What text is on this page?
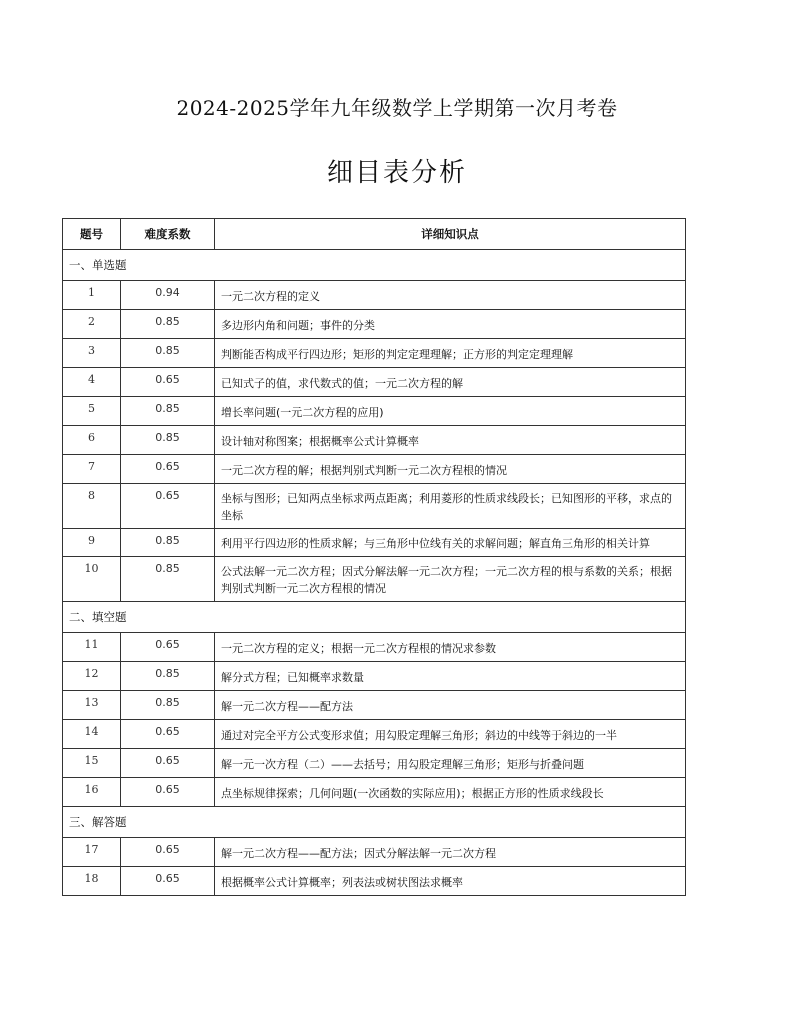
2024-2025学年九年级数学上学期第一次月考卷
细目表分析
题号	难度系数	详细知识点
一、单选题		
1	0.94	一元二次方程的定义
2	0.85	多边形内角和问题；事件的分类
3	0.85	判断能否构成平行四边形；矩形的判定定理理解；正方形的判定定理理解
4	0.65	已知式子的值，求代数式的值；一元二次方程的解
5	0.85	增长率问题(一元二次方程的应用)
6	0.85	设计轴对称图案；根据概率公式计算概率
7	0.65	一元二次方程的解；根据判别式判断一元二次方程根的情况
8	0.65	坐标与图形；已知两点坐标求两点距离；利用菱形的性质求线段长；已知图形的平移，求点的坐标
9	0.85	利用平行四边形的性质求解；与三角形中位线有关的求解问题；解直角三角形的相关计算
10	0.85	公式法解一元二次方程；因式分解法解一元二次方程；一元二次方程的根与系数的关系；根据判别式判断一元二次方程根的情况
二、填空题		
11	0.65	一元二次方程的定义；根据一元二次方程根的情况求参数
12	0.85	解分式方程；已知概率求数量
13	0.85	解一元二次方程——配方法
14	0.65	通过对完全平方公式变形求值；用勾股定理解三角形；斜边的中线等于斜边的一半
15	0.65	解一元一次方程（二）——去括号；用勾股定理解三角形；矩形与折叠问题
16	0.65	点坐标规律探索；几何问题(一次函数的实际应用)；根据正方形的性质求线段长
三、解答题		
17	0.65	解一元二次方程——配方法；因式分解法解一元二次方程
18	0.65	根据概率公式计算概率；列表法或树状图法求概率
